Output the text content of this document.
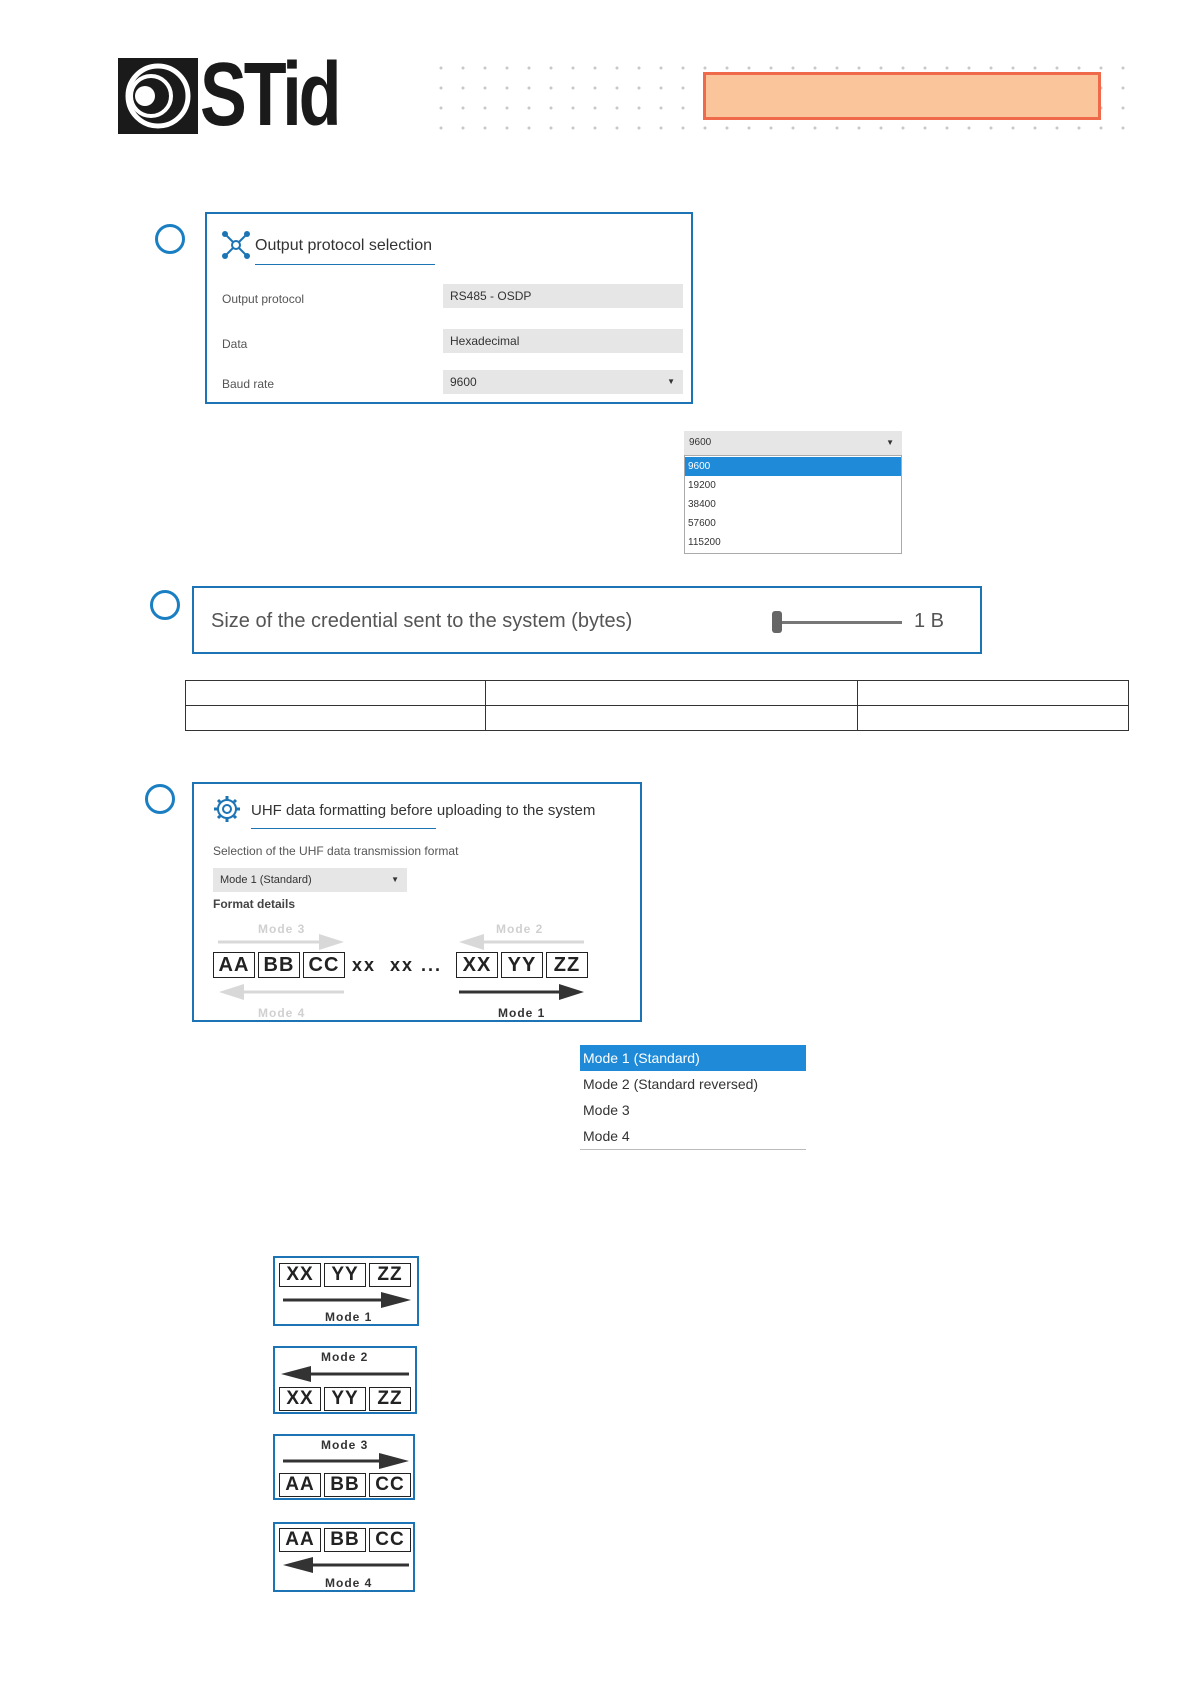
STid
Output protocol selection
Output protocol	RS485 - OSDP
Data	Hexadecimal
Baud rate	9600	▼
9600	▼
9600
19200
38400
57600
115200
Size of the credential sent to the system (bytes)	1 B

UHF data formatting before uploading to the system
Selection of the UHF data transmission format
Mode 1 (Standard)	▼
Format details
Mode 3	Mode 2
AA BB CC xx  xx ...	XX YY ZZ
Mode 4	Mode 1
Mode 1 (Standard)
Mode 2 (Standard reversed)
Mode 3
Mode 4
XX YY ZZ
Mode 1
Mode 2
XX YY ZZ
Mode 3
AA BB CC
AA BB CC
Mode 4
